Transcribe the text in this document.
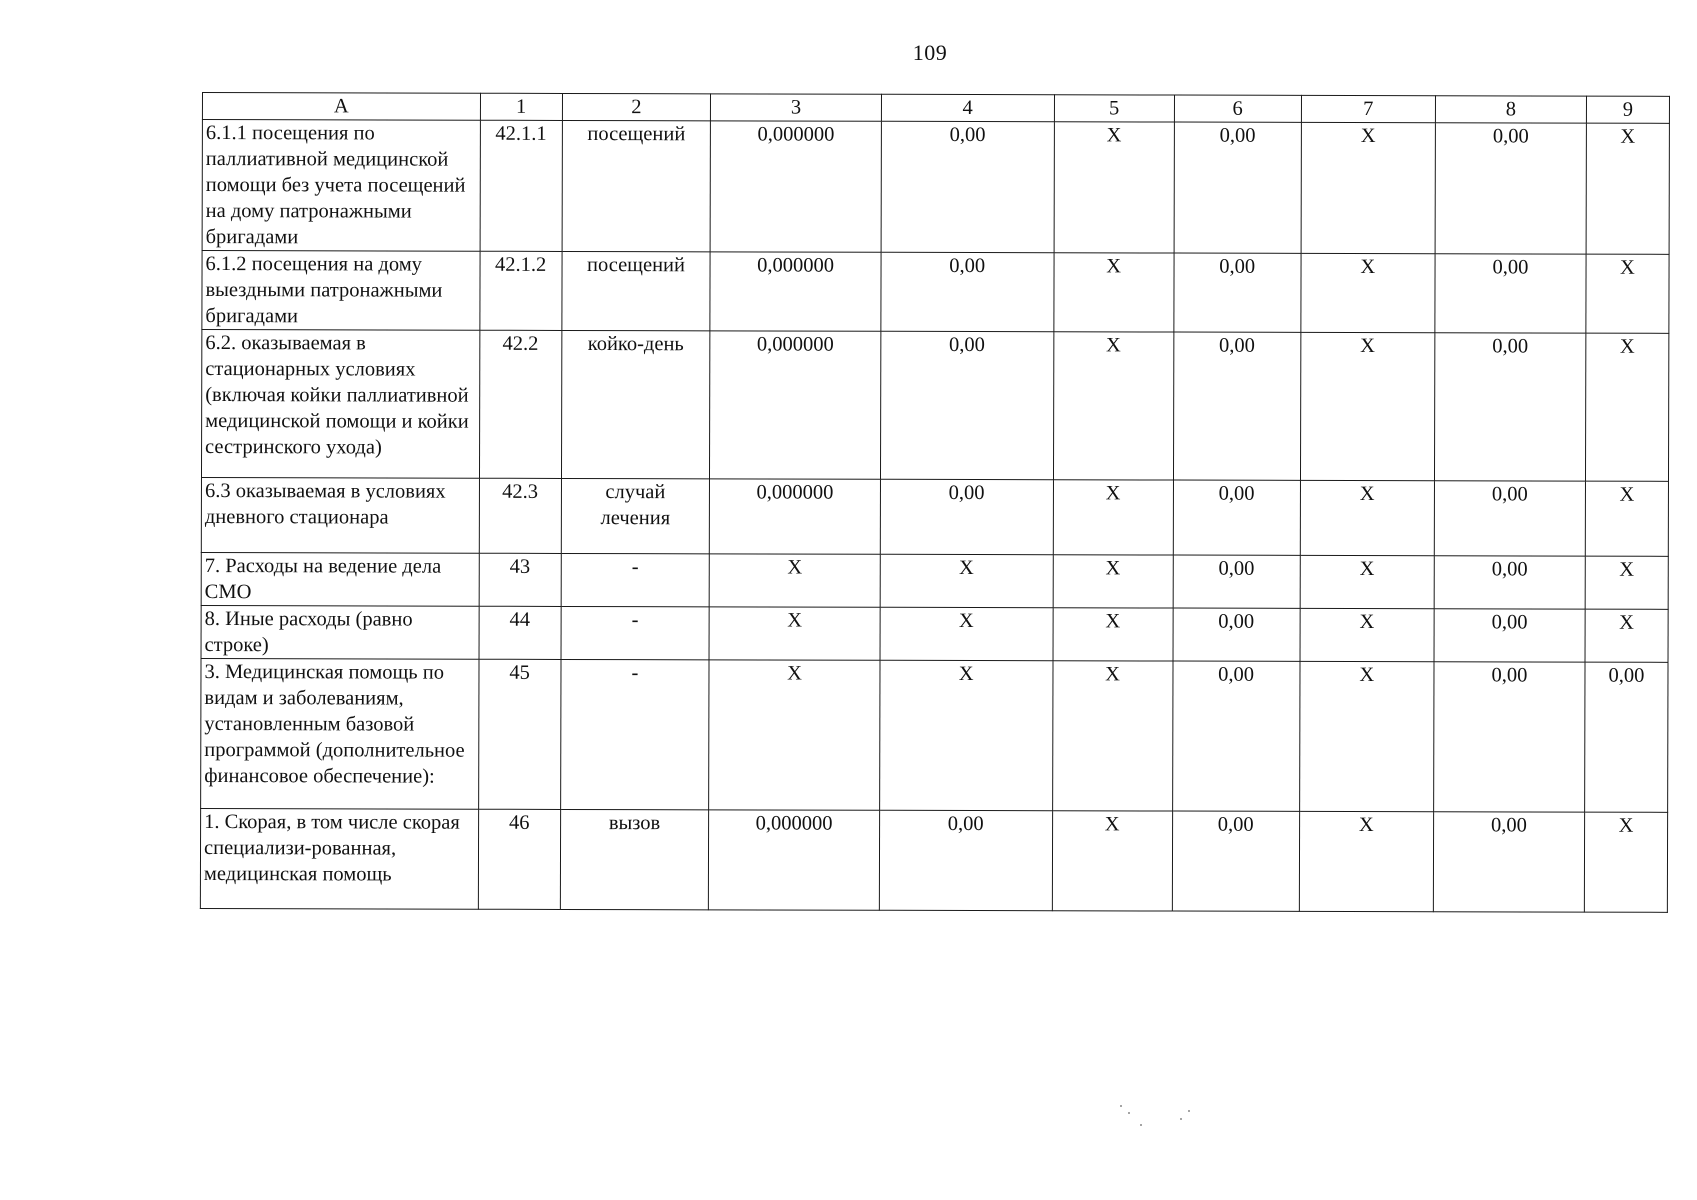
109
A	1	2	3	4	5	6	7	8	9
6.1.1 посещения по паллиативной медицинской помощи без учета посещений на дому патронажными бригадами	42.1.1	посещений	0,000000	0,00	Х	0,00	Х	0,00	Х
6.1.2 посещения на дому выездными патронажными бригадами	42.1.2	посещений	0,000000	0,00	Х	0,00	Х	0,00	Х
6.2. оказываемая в стационарных условиях (включая койки паллиативной медицинской помощи и койки сестринского ухода)	42.2	койко-день	0,000000	0,00	Х	0,00	Х	0,00	Х
6.3 оказываемая в условиях дневного стационара	42.3	случай лечения	0,000000	0,00	Х	0,00	Х	0,00	Х
7. Расходы на ведение дела СМО	43	-	Х	Х	Х	0,00	Х	0,00	Х
8. Иные расходы (равно строке)	44	-	Х	Х	Х	0,00	Х	0,00	Х
3. Медицинская помощь по видам и заболеваниям, установленным базовой программой (дополнительное финансовое обеспечение):	45	-	Х	Х	Х	0,00	Х	0,00	0,00
1. Скорая, в том числе скорая специализи-рованная, медицинская помощь	46	вызов	0,000000	0,00	Х	0,00	Х	0,00	Х
